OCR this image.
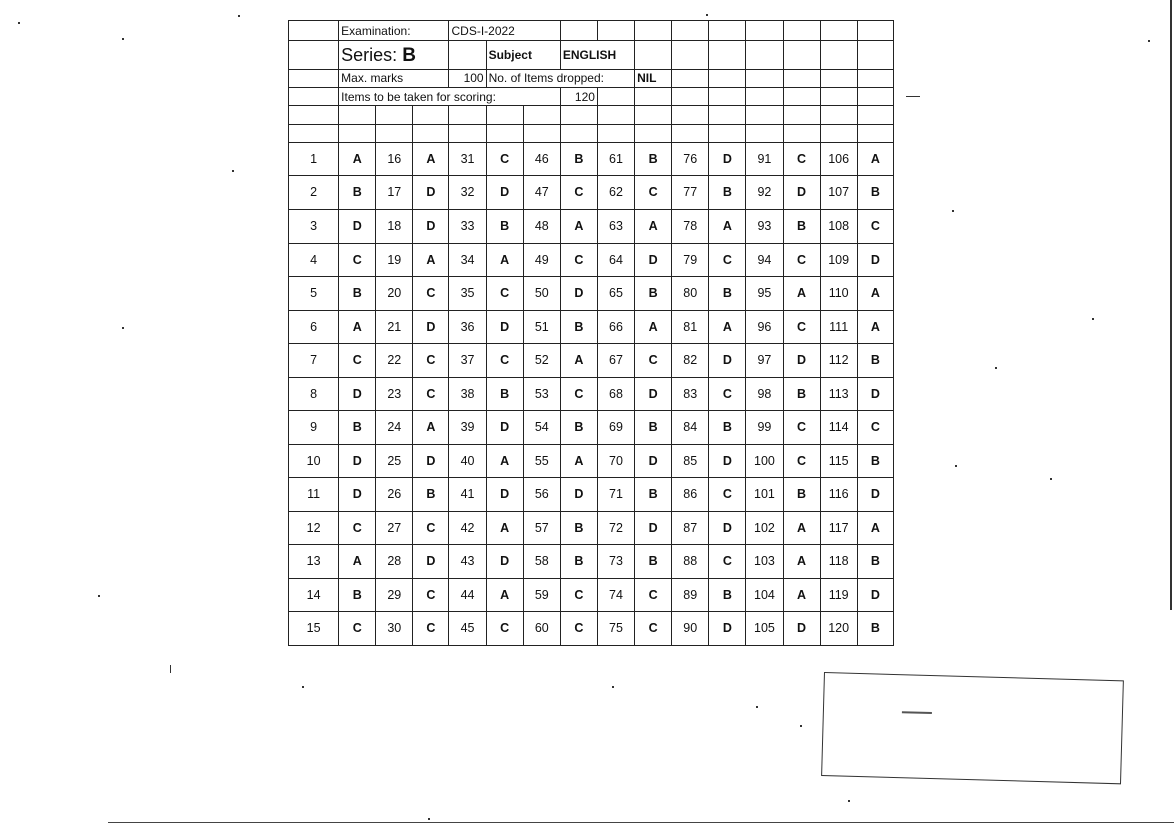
	Examination:			CDS-I-2022											
	Series: B				Subject		ENGLISH								
	Max. marks			100	No. of Items dropped:				NIL						
	Items to be taken for scoring:						120								

1	A	16	A	31	C	46	B	61	B	76	D	91	C	106	A
2	B	17	D	32	D	47	C	62	C	77	B	92	D	107	B
3	D	18	D	33	B	48	A	63	A	78	A	93	B	108	C
4	C	19	A	34	A	49	C	64	D	79	C	94	C	109	D
5	B	20	C	35	C	50	D	65	B	80	B	95	A	110	A
6	A	21	D	36	D	51	B	66	A	81	A	96	C	111	A
7	C	22	C	37	C	52	A	67	C	82	D	97	D	112	B
8	D	23	C	38	B	53	C	68	D	83	C	98	B	113	D
9	B	24	A	39	D	54	B	69	B	84	B	99	C	114	C
10	D	25	D	40	A	55	A	70	D	85	D	100	C	115	B
11	D	26	B	41	D	56	D	71	B	86	C	101	B	116	D
12	C	27	C	42	A	57	B	72	D	87	D	102	A	117	A
13	A	28	D	43	D	58	B	73	B	88	C	103	A	118	B
14	B	29	C	44	A	59	C	74	C	89	B	104	A	119	D
15	C	30	C	45	C	60	C	75	C	90	D	105	D	120	B
